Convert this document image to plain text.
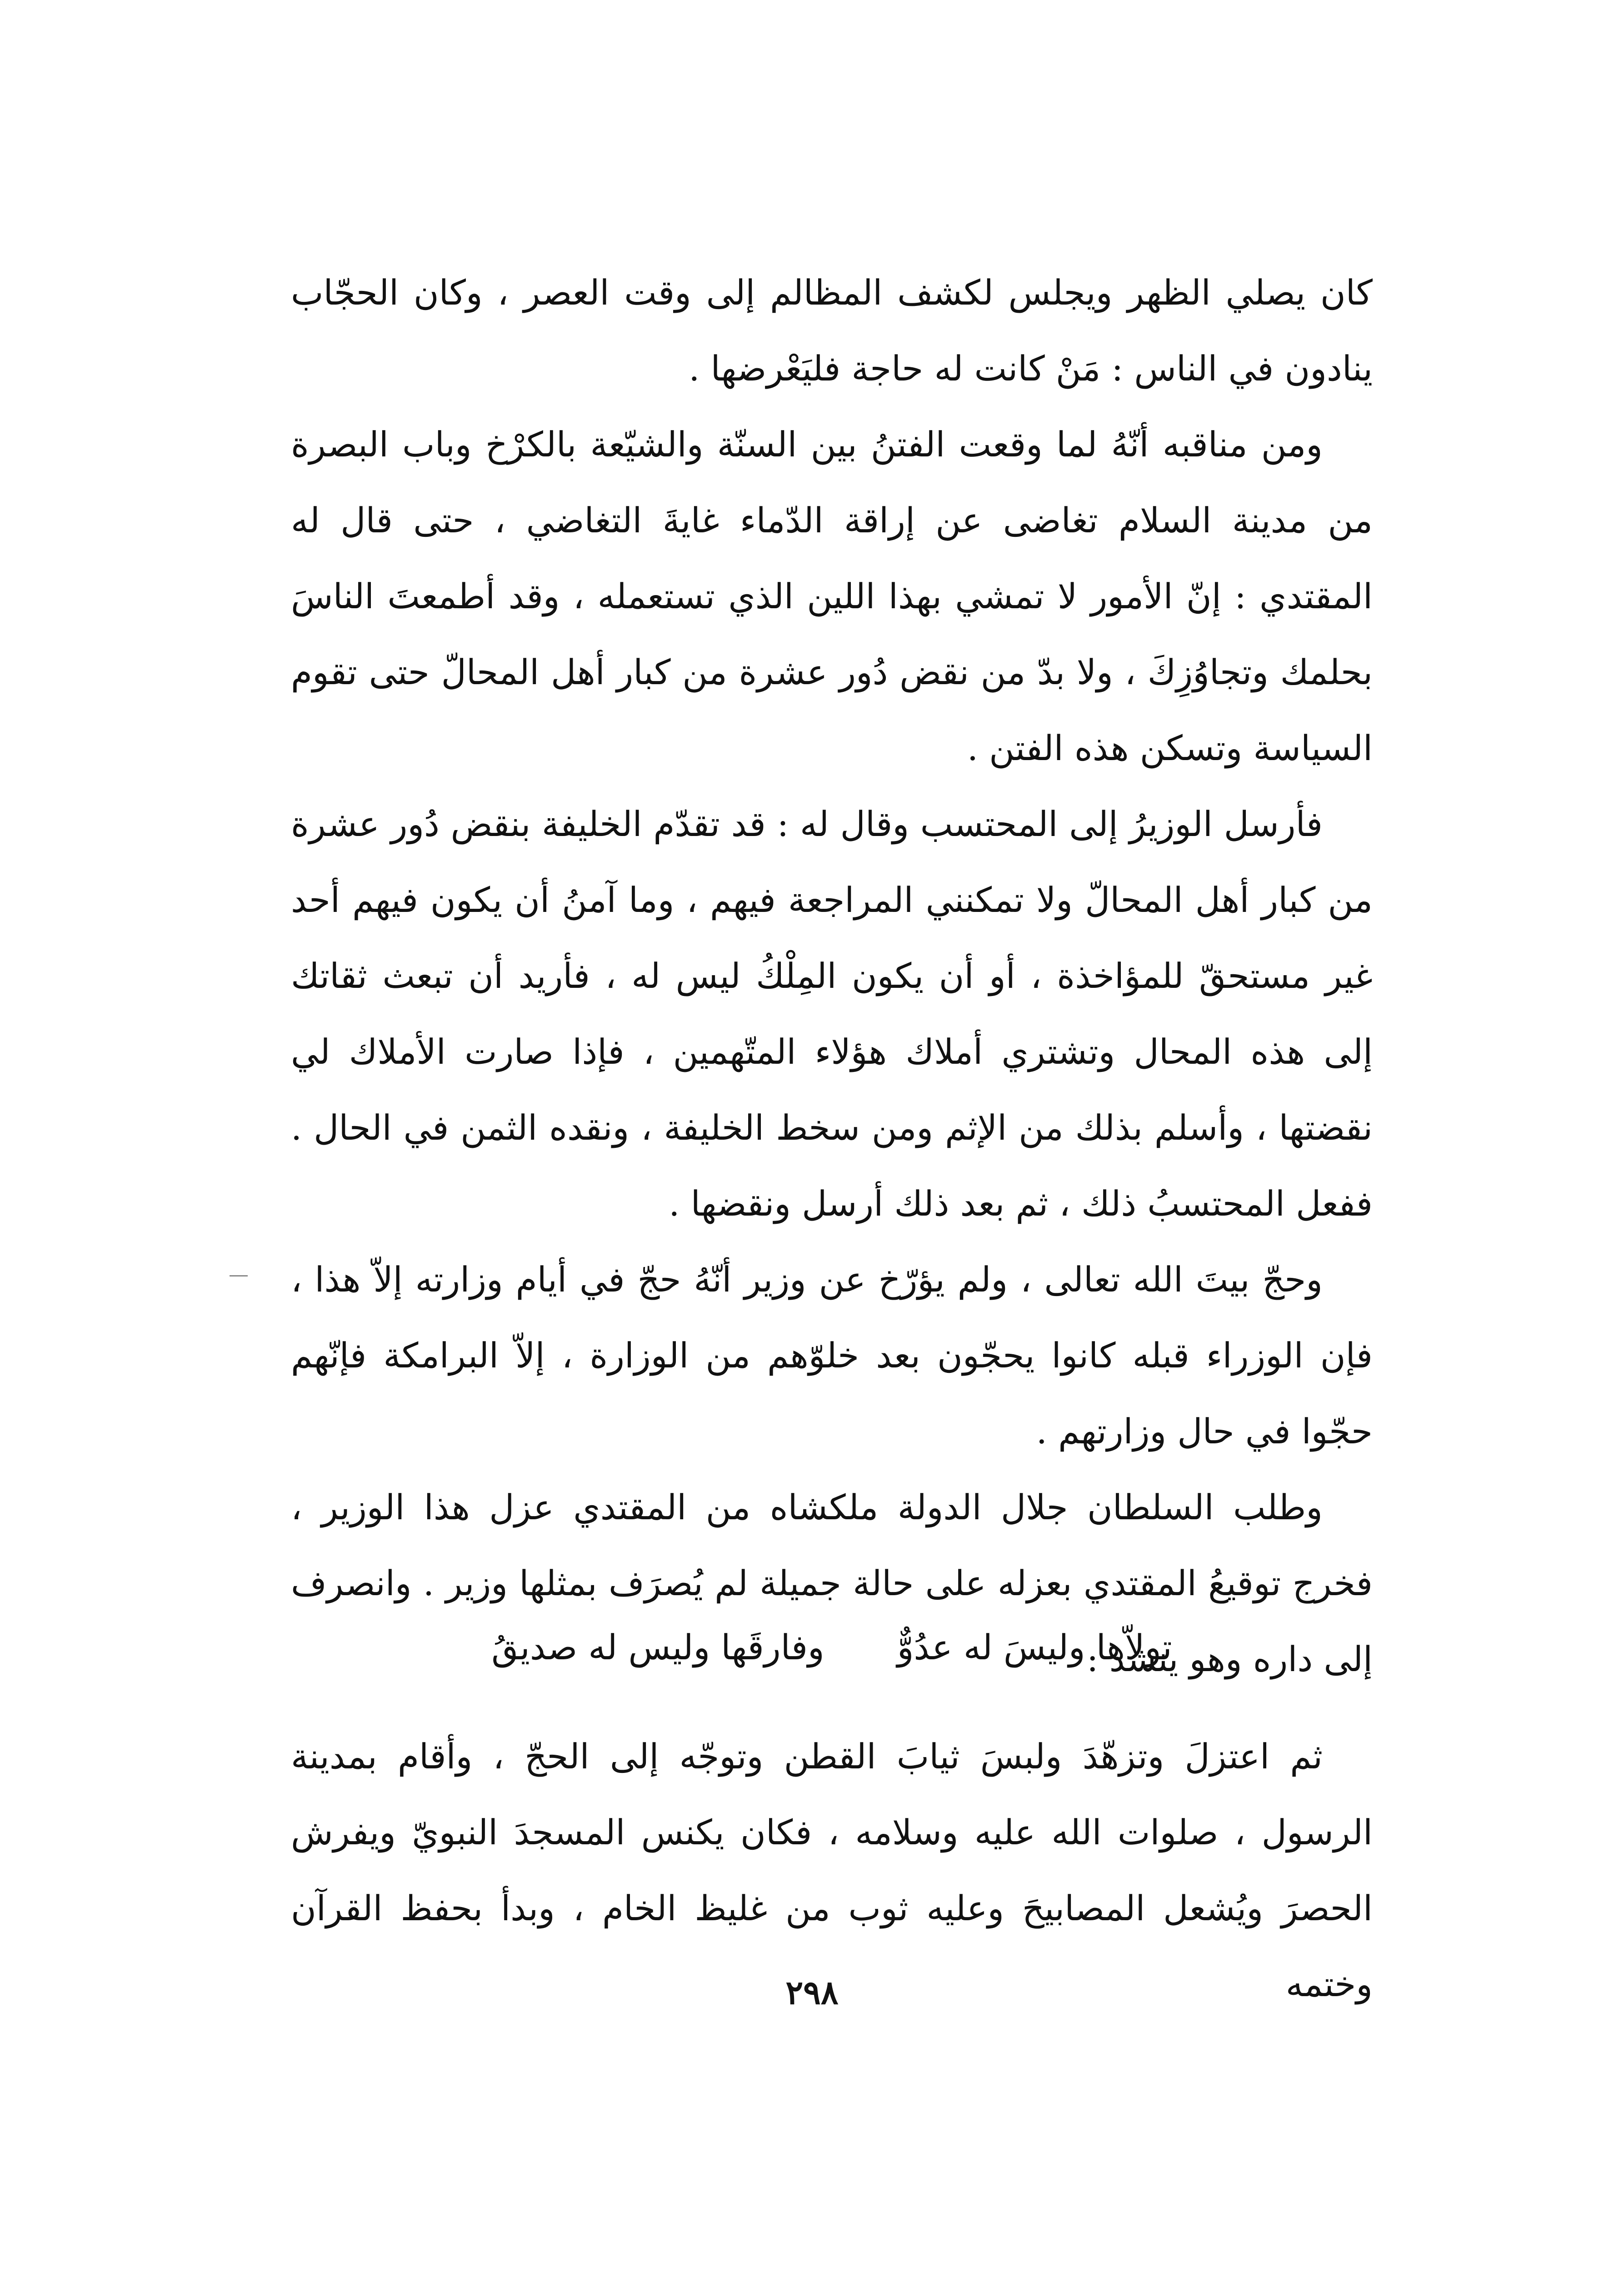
كان يصلي الظهر ويجلس لكشف المظالم إلى وقت العصر ، وكان الحجّاب ينادون في الناس : مَنْ كانت له حاجة فليَعْرضها .

ومن مناقبه أنّهُ لما وقعت الفتنُ بين السنّة والشيّعة بالكرْخ وباب البصرة من مدينة السلام تغاضى عن إراقة الدّماء غايةَ التغاضي ، حتى قال له المقتدي : إنّ الأمور لا تمشي بهذا اللين الذي تستعمله ، وقد أطمعتَ الناسَ بحلمك وتجاوُزِكَ ، ولا بدّ من نقض دُور عشرة من كبار أهل المحالّ حتى تقوم السياسة وتسكن هذه الفتن .

فأرسل الوزيرُ إلى المحتسب وقال له : قد تقدّم الخليفة بنقض دُور عشرة من كبار أهل المحالّ ولا تمكنني المراجعة فيهم ، وما آمنُ أن يكون فيهم أحد غير مستحقّ للمؤاخذة ، أو أن يكون المِلْكُ ليس له ، فأريد أن تبعث ثقاتك إلى هذه المحال وتشتري أملاك هؤلاء المتّهمين ، فإذا صارت الأملاك لي نقضتها ، وأسلم بذلك من الإثم ومن سخط الخليفة ، ونقده الثمن في الحال . ففعل المحتسبُ ذلك ، ثم بعد ذلك أرسل ونقضها .

وحجّ بيتَ الله تعالى ، ولم يؤرّخ عن وزير أنّهُ حجّ في أيام وزارته إلاّ هذا ، فإن الوزراء قبله كانوا يحجّون بعد خلوّهم من الوزارة ، إلاّ البرامكة فإنّهم حجّوا في حال وزارتهم .

وطلب السلطان جلال الدولة ملكشاه من المقتدي عزل هذا الوزير ، فخرج توقيعُ المقتدي بعزله على حالة جميلة لم يُصرَف بمثلها وزير . وانصرف إلى داره وهو ينشد :

تولاّها وليسَ له عدُوٌّوفارقَها وليس له صديقُ

ثم اعتزلَ وتزهّدَ ولبسَ ثيابَ القطن وتوجّه إلى الحجّ ، وأقام بمدينة الرسول ، صلوات الله عليه وسلامه ، فكان يكنس المسجدَ النبويّ ويفرش الحصرَ ويُشعل المصابيحَ وعليه ثوب من غليظ الخام ، وبدأ بحفظ القرآن وختمه

٢٩٨
